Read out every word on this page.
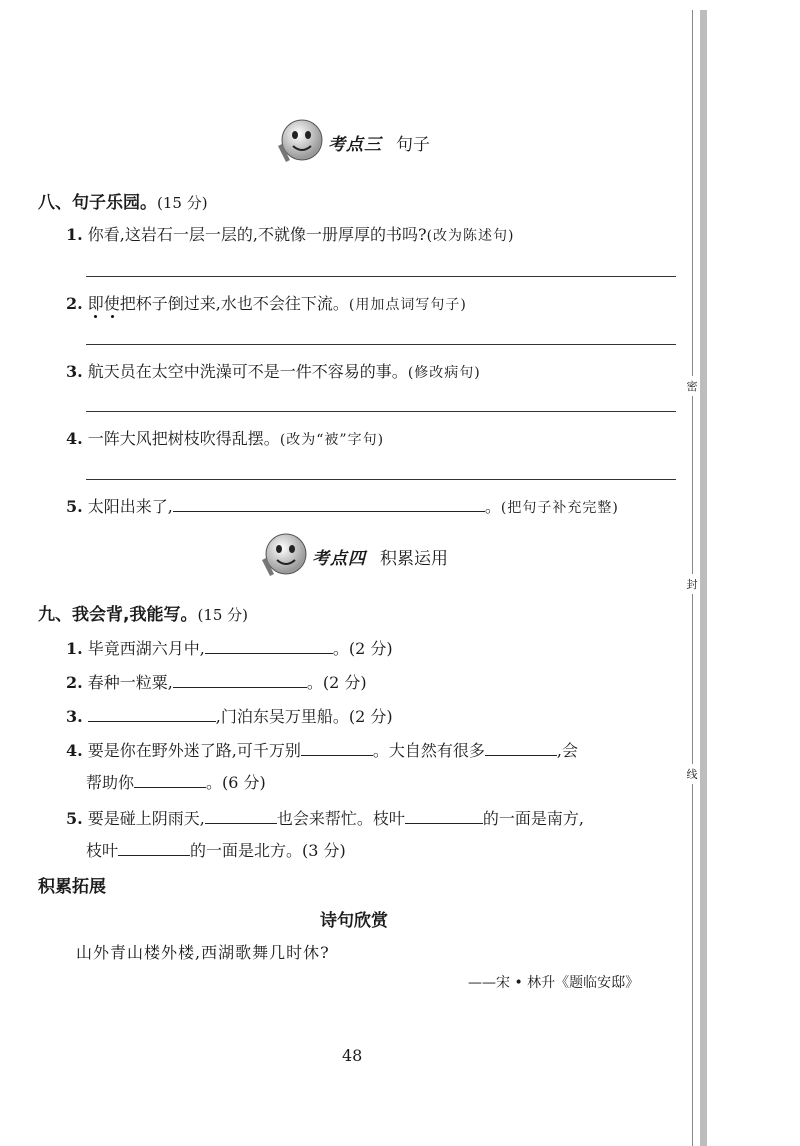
密
封
线
考点三 句子
八、句子乐园。(15 分)
1. 你看,这岩石一层一层的,不就像一册厚厚的书吗?(改为陈述句)
2. 即使把杯子倒过来,水也不会往下流。(用加点词写句子)
3. 航天员在太空中洗澡可不是一件不容易的事。(修改病句)
4. 一阵大风把树枝吹得乱摆。(改为“被”字句)
5. 太阳出来了,	。(把句子补充完整)
考点四 积累运用
九、我会背,我能写。(15 分)
1. 毕竟西湖六月中,	。(2 分)
2. 春种一粒粟,	。(2 分)
3.	,门泊东吴万里船。(2 分)
4. 要是你在野外迷了路,可千万别	。大自然有很多	,会
帮助你	。(6 分)
5. 要是碰上阴雨天,	也会来帮忙。枝叶	的一面是南方,
枝叶	的一面是北方。(3 分)
积累拓展
诗句欣赏
山外青山楼外楼,西湖歌舞几时休?
——宋 • 林升《题临安邸》
48
